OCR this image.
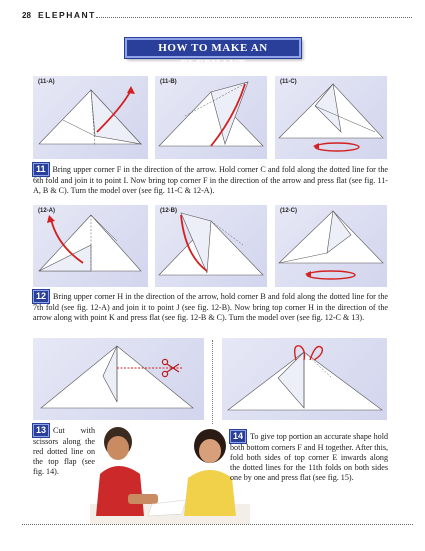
28 ELEPHANT
HOW TO MAKE AN ELEPHANT
(11-A)	(11-B)	(11-C)
11 Bring upper corner F in the direction of the arrow. Hold corner C and fold along the dotted line for the 6th fold and join it to point I. Now bring top corner F in the direction of the arrow and press flat (see fig. 11-A, B & C). Turn the model over (see fig. 11-C & 12-A).
(12-A)	(12-B)	(12-C)
12 Bring upper corner H in the direction of the arrow, hold corner B and fold along the dotted line for the 7th fold (see fig. 12-A) and join it to point J (see fig. 12-B). Now bring top corner H in the direction of the arrow along with point K and press flat (see fig. 12-B & C). Turn the model over (see fig. 12-C & 13).
13 Cut with scissors along the red dotted line on the top flap (see fig. 14).
14 To give top portion an accurate shape hold both bottom corners F and H together. After this, fold both sides of top corner E inwards along the dotted lines for the 11th folds on both sides one by one and press flat (see fig. 15).
